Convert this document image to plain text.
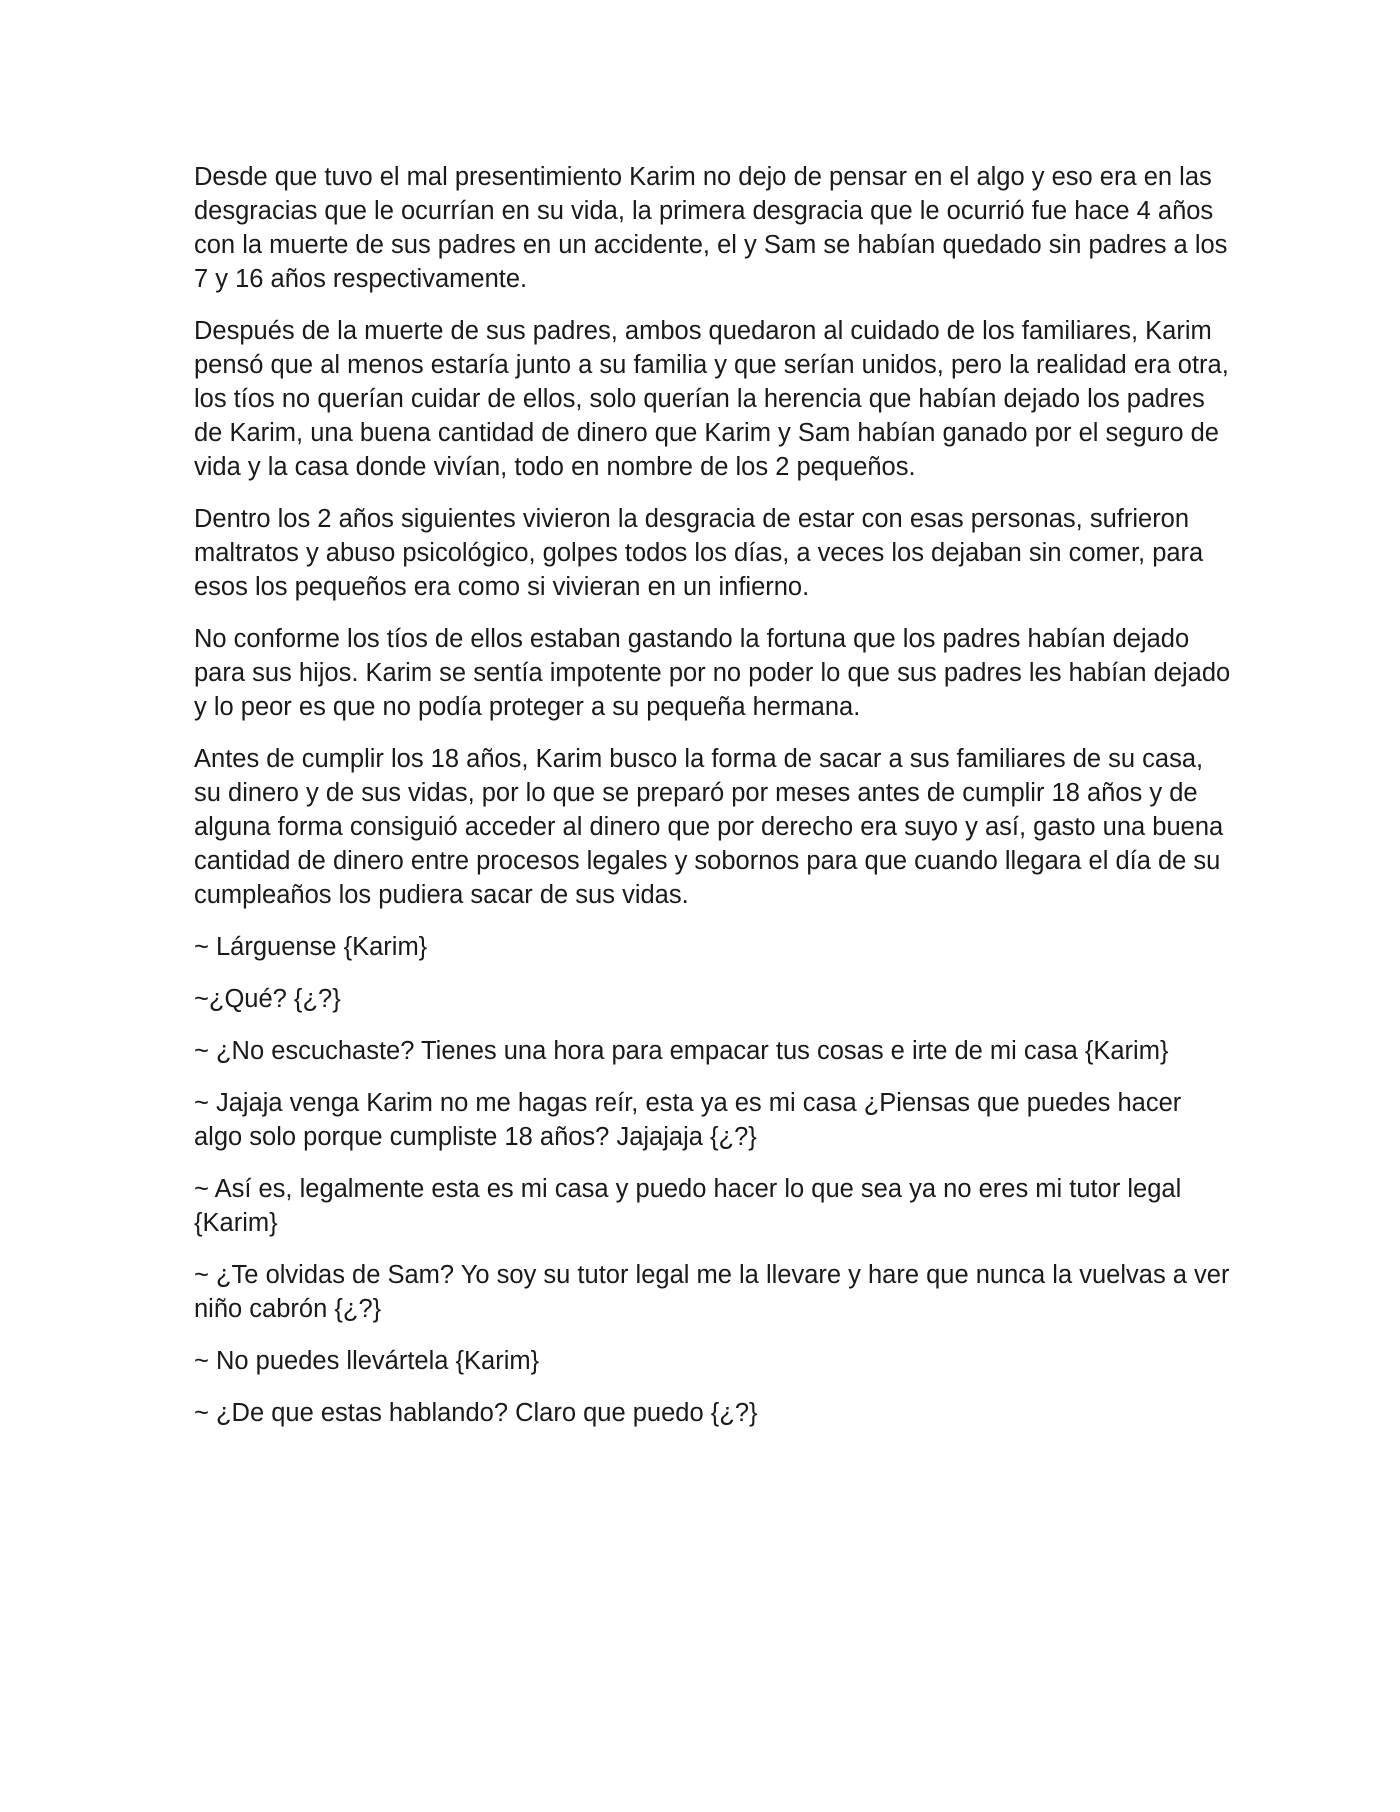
Desde que tuvo el mal presentimiento Karim no dejo de pensar en el algo y eso era en las desgracias que le ocurrían en su vida, la primera desgracia que le ocurrió fue hace 4 años con la muerte de sus padres en un accidente, el y Sam se habían quedado sin padres a los 7 y 16 años respectivamente.

Después de la muerte de sus padres, ambos quedaron al cuidado de los familiares, Karim pensó que al menos estaría junto a su familia y que serían unidos, pero la realidad era otra, los tíos no querían cuidar de ellos, solo querían la herencia que habían dejado los padres de Karim, una buena cantidad de dinero que Karim y Sam habían ganado por el seguro de vida y la casa donde vivían, todo en nombre de los 2 pequeños.

Dentro los 2 años siguientes vivieron la desgracia de estar con esas personas, sufrieron maltratos y abuso psicológico, golpes todos los días, a veces los dejaban sin comer, para esos los pequeños era como si vivieran en un infierno.

No conforme los tíos de ellos estaban gastando la fortuna que los padres habían dejado para sus hijos. Karim se sentía impotente por no poder lo que sus padres les habían dejado y lo peor es que no podía proteger a su pequeña hermana.

Antes de cumplir los 18 años, Karim busco la forma de sacar a sus familiares de su casa, su dinero y de sus vidas, por lo que se preparó por meses antes de cumplir 18 años y de alguna forma consiguió acceder al dinero que por derecho era suyo y así, gasto una buena cantidad de dinero entre procesos legales y sobornos para que cuando llegara el día de su cumpleaños los pudiera sacar de sus vidas.

~ Lárguense {Karim}

~¿Qué? {¿?}

~ ¿No escuchaste? Tienes una hora para empacar tus cosas e irte de mi casa {Karim}

~ Jajaja venga Karim no me hagas reír, esta ya es mi casa ¿Piensas que puedes hacer algo solo porque cumpliste 18 años? Jajajaja {¿?}

~ Así es, legalmente esta es mi casa y puedo hacer lo que sea ya no eres mi tutor legal {Karim}

~ ¿Te olvidas de Sam? Yo soy su tutor legal me la llevare y hare que nunca la vuelvas a ver niño cabrón {¿?}

~ No puedes llevártela {Karim}

~ ¿De que estas hablando? Claro que puedo {¿?}
